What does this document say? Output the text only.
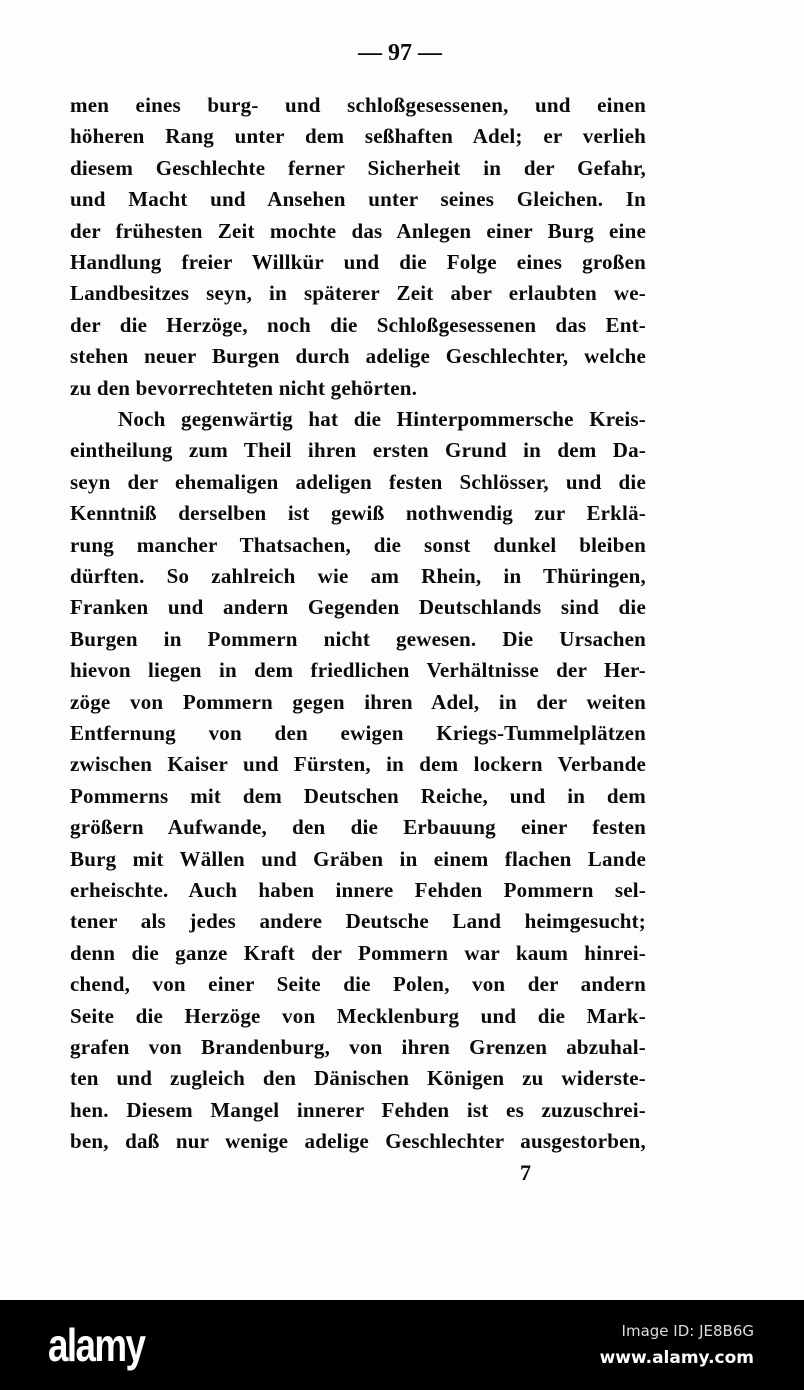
— 97 —
men eines burg- und schloßgesessenen, und einen
höheren Rang unter dem seßhaften Adel; er verlieh
diesem Geschlechte ferner Sicherheit in der Gefahr,
und Macht und Ansehen unter seines Gleichen. In
der frühesten Zeit mochte das Anlegen einer Burg eine
Handlung freier Willkür und die Folge eines großen
Landbesitzes seyn, in späterer Zeit aber erlaubten we-
der die Herzöge, noch die Schloßgesessenen das Ent-
stehen neuer Burgen durch adelige Geschlechter, welche
zu den bevorrechteten nicht gehörten.
Noch gegenwärtig hat die Hinterpommersche Kreis-
eintheilung zum Theil ihren ersten Grund in dem Da-
seyn der ehemaligen adeligen festen Schlösser, und die
Kenntniß derselben ist gewiß nothwendig zur Erklä-
rung mancher Thatsachen, die sonst dunkel bleiben
dürften. So zahlreich wie am Rhein, in Thüringen,
Franken und andern Gegenden Deutschlands sind die
Burgen in Pommern nicht gewesen. Die Ursachen
hievon liegen in dem friedlichen Verhältnisse der Her-
zöge von Pommern gegen ihren Adel, in der weiten
Entfernung von den ewigen Kriegs-Tummelplätzen
zwischen Kaiser und Fürsten, in dem lockern Verbande
Pommerns mit dem Deutschen Reiche, und in dem
größern Aufwande, den die Erbauung einer festen
Burg mit Wällen und Gräben in einem flachen Lande
erheischte. Auch haben innere Fehden Pommern sel-
tener als jedes andere Deutsche Land heimgesucht;
denn die ganze Kraft der Pommern war kaum hinrei-
chend, von einer Seite die Polen, von der andern
Seite die Herzöge von Mecklenburg und die Mark-
grafen von Brandenburg, von ihren Grenzen abzuhal-
ten und zugleich den Dänischen Königen zu widerste-
hen. Diesem Mangel innerer Fehden ist es zuzuschrei-
ben, daß nur wenige adelige Geschlechter ausgestorben,
7
alamy	Image ID: JE8B6G
www.alamy.com
